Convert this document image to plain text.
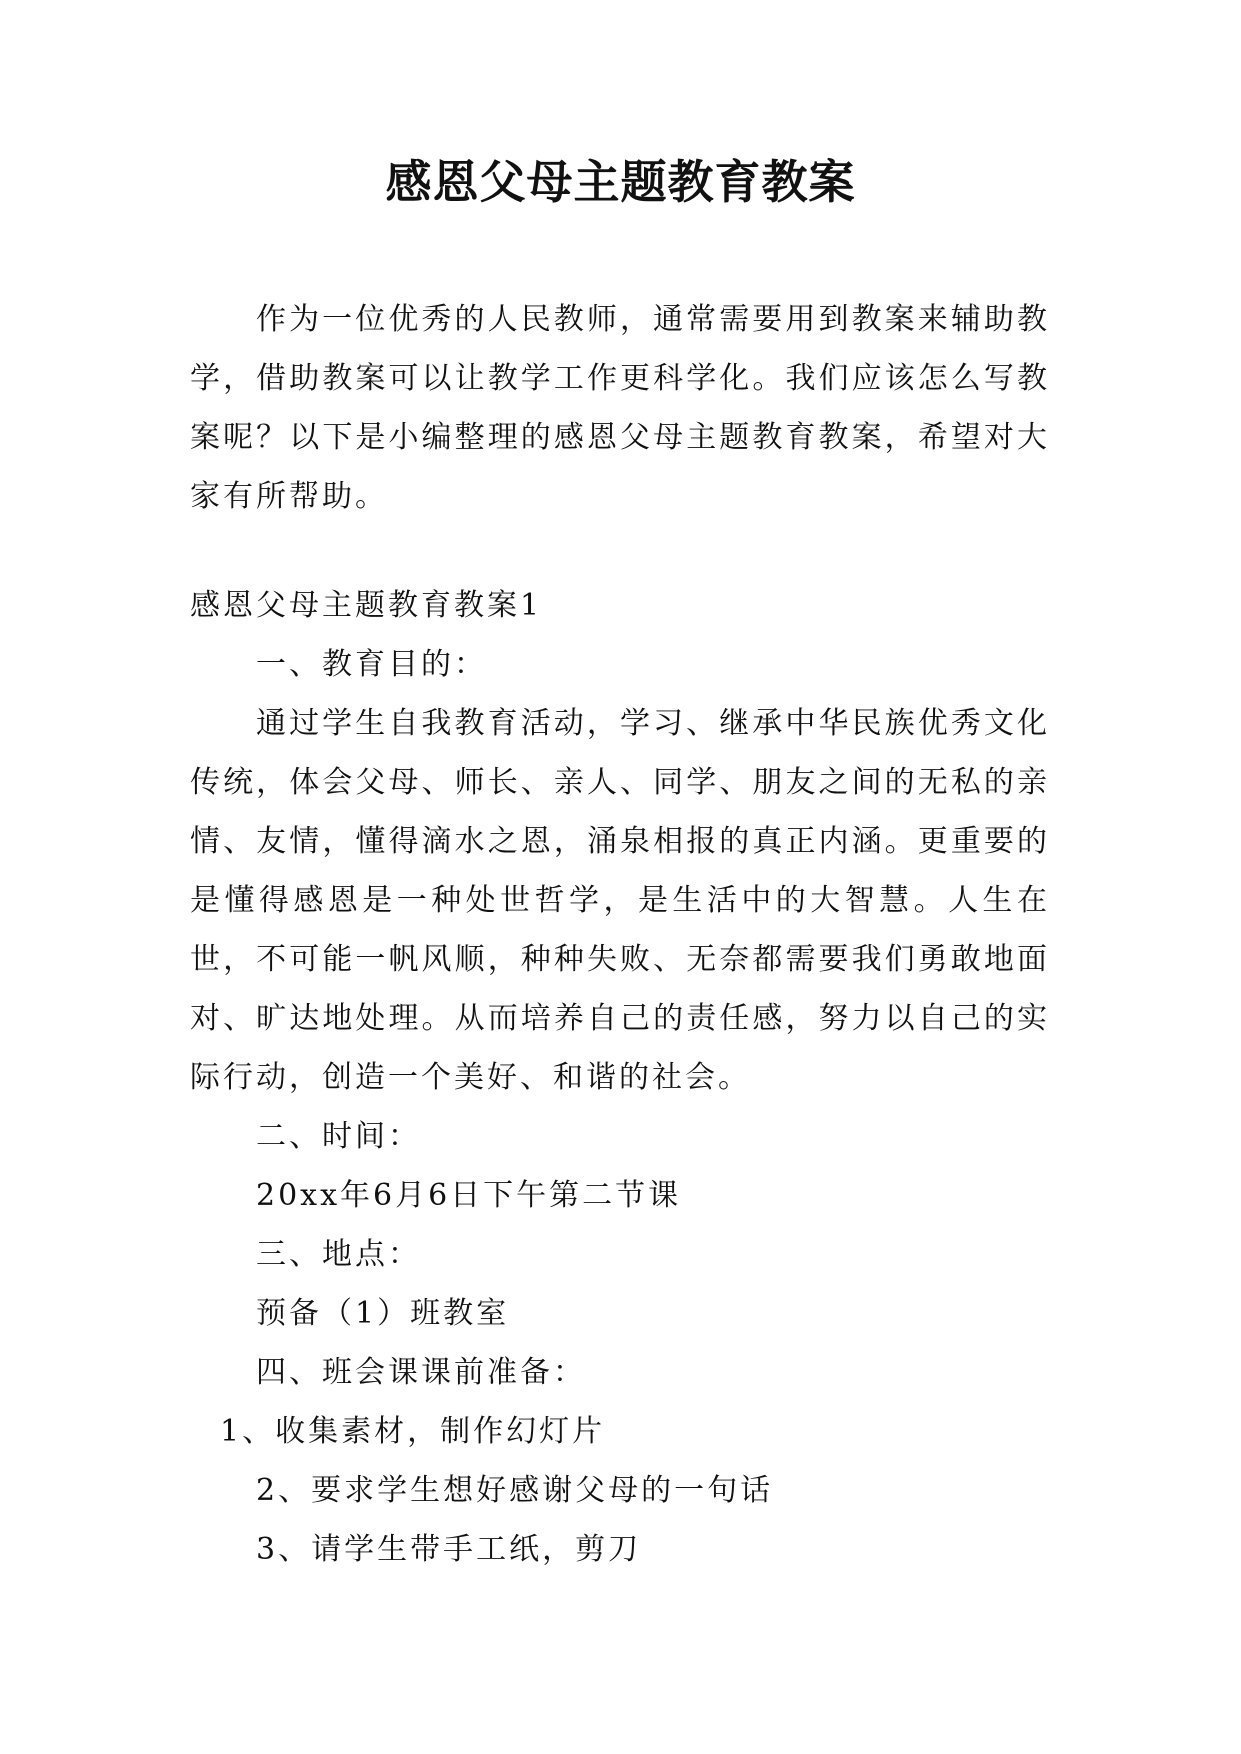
感恩父母主题教育教案

作为一位优秀的人民教师，通常需要用到教案来辅助教学，借助教案可以让教学工作更科学化。我们应该怎么写教案呢？以下是小编整理的感恩父母主题教育教案，希望对大家有所帮助。

感恩父母主题教育教案1

一、教育目的：

通过学生自我教育活动，学习、继承中华民族优秀文化传统，体会父母、师长、亲人、同学、朋友之间的无私的亲情、友情，懂得滴水之恩，涌泉相报的真正内涵。更重要的是懂得感恩是一种处世哲学，是生活中的大智慧。人生在世，不可能一帆风顺，种种失败、无奈都需要我们勇敢地面对、旷达地处理。从而培养自己的责任感，努力以自己的实际行动，创造一个美好、和谐的社会。

二、时间：

20xx年6月6日下午第二节课

三、地点：

预备（1）班教室

四、班会课课前准备：

1、收集素材，制作幻灯片

2、要求学生想好感谢父母的一句话

3、请学生带手工纸，剪刀
